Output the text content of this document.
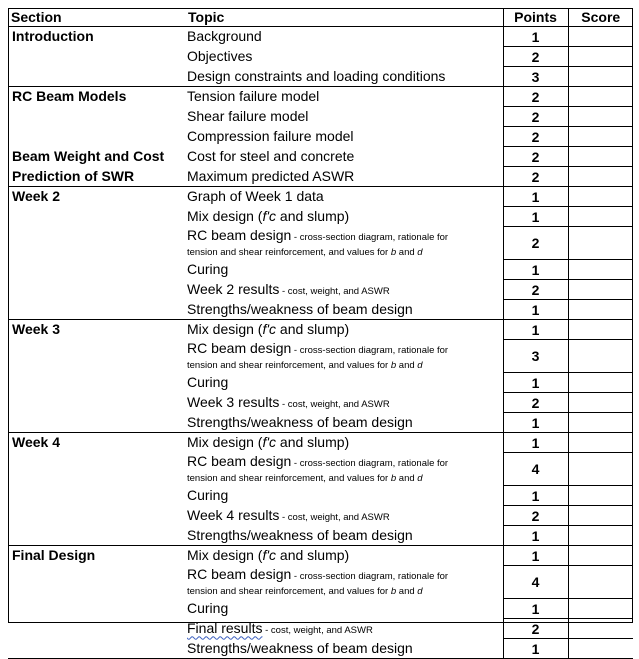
Section	Topic	Points	Score
Introduction	Background	1	
	Objectives	2	
	Design constraints and loading conditions	3	
RC Beam Models	Tension failure model	2	
	Shear failure model	2	
	Compression failure model	2	
Beam Weight and Cost	Cost for steel and concrete	2	
Prediction of SWR	Maximum predicted ASWR	2	
Week 2	Graph of Week 1 data	1	
	Mix design (f'c and slump)	1	
	RC beam design - cross-section diagram, rationale for
tension and shear reinforcement, and values for b and d	2	
	Curing	1	
	Week 2 results - cost, weight, and ASWR	2	
	Strengths/weakness of beam design	1	
Week 3	Mix design (f'c and slump)	1	
	RC beam design - cross-section diagram, rationale for
tension and shear reinforcement, and values for b and d	3	
	Curing	1	
	Week 3 results - cost, weight, and ASWR	2	
	Strengths/weakness of beam design	1	
Week 4	Mix design (f'c and slump)	1	
	RC beam design - cross-section diagram, rationale for
tension and shear reinforcement, and values for b and d	4	
	Curing	1	
	Week 4 results - cost, weight, and ASWR	2	
	Strengths/weakness of beam design	1	
Final Design	Mix design (f'c and slump)	1	
	RC beam design - cross-section diagram, rationale for
tension and shear reinforcement, and values for b and d	4	
	Curing	1	
	Final results - cost, weight, and ASWR	2	
	Strengths/weakness of beam design	1	
